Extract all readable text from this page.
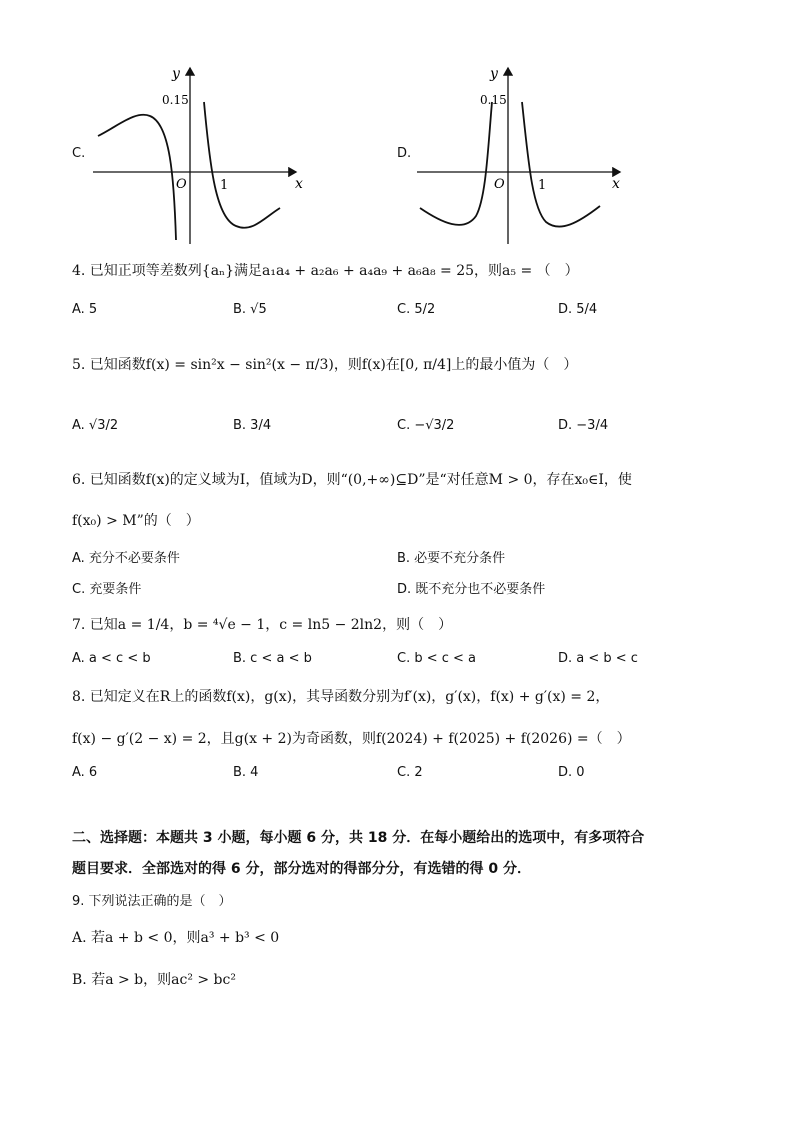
C.
y
0.15
O	1	x
D.
y
0.15
O	1	x
4. 已知正项等差数列{aₙ}满足a₁a₄ + a₂a₆ + a₄a₉ + a₆a₈ = 25，则a₅ = （　）
A. 5	B. √5	C. 5/2	D. 5/4
5. 已知函数f(x) = sin²x − sin²(x − π/3)，则f(x)在[0, π/4]上的最小值为（　）
A. √3/2	B. 3/4	C. −√3/2	D. −3/4
6. 已知函数f(x)的定义域为I，值域为D，则“(0,+∞)⊆D”是“对任意M > 0，存在x₀∈I，使
f(x₀) > M”的（　）
A. 充分不必要条件	B. 必要不充分条件
C. 充要条件	D. 既不充分也不必要条件
7. 已知a = 1/4，b = ⁴√e − 1，c = ln5 − 2ln2，则（　）
A. a < c < b	B. c < a < b	C. b < c < a	D. a < b < c
8. 已知定义在R上的函数f(x)，g(x)，其导函数分别为f′(x)，g′(x)，f(x) + g′(x) = 2，
f(x) − g′(2 − x) = 2，且g(x + 2)为奇函数，则f(2024) + f(2025) + f(2026) =（　）
A. 6	B. 4	C. 2	D. 0
二、选择题：本题共 3 小题，每小题 6 分，共 18 分．在每小题给出的选项中，有多项符合
题目要求．全部选对的得 6 分，部分选对的得部分分，有选错的得 0 分．
9. 下列说法正确的是（　）
A. 若a + b < 0，则a³ + b³ < 0
B. 若a > b，则ac² > bc²
